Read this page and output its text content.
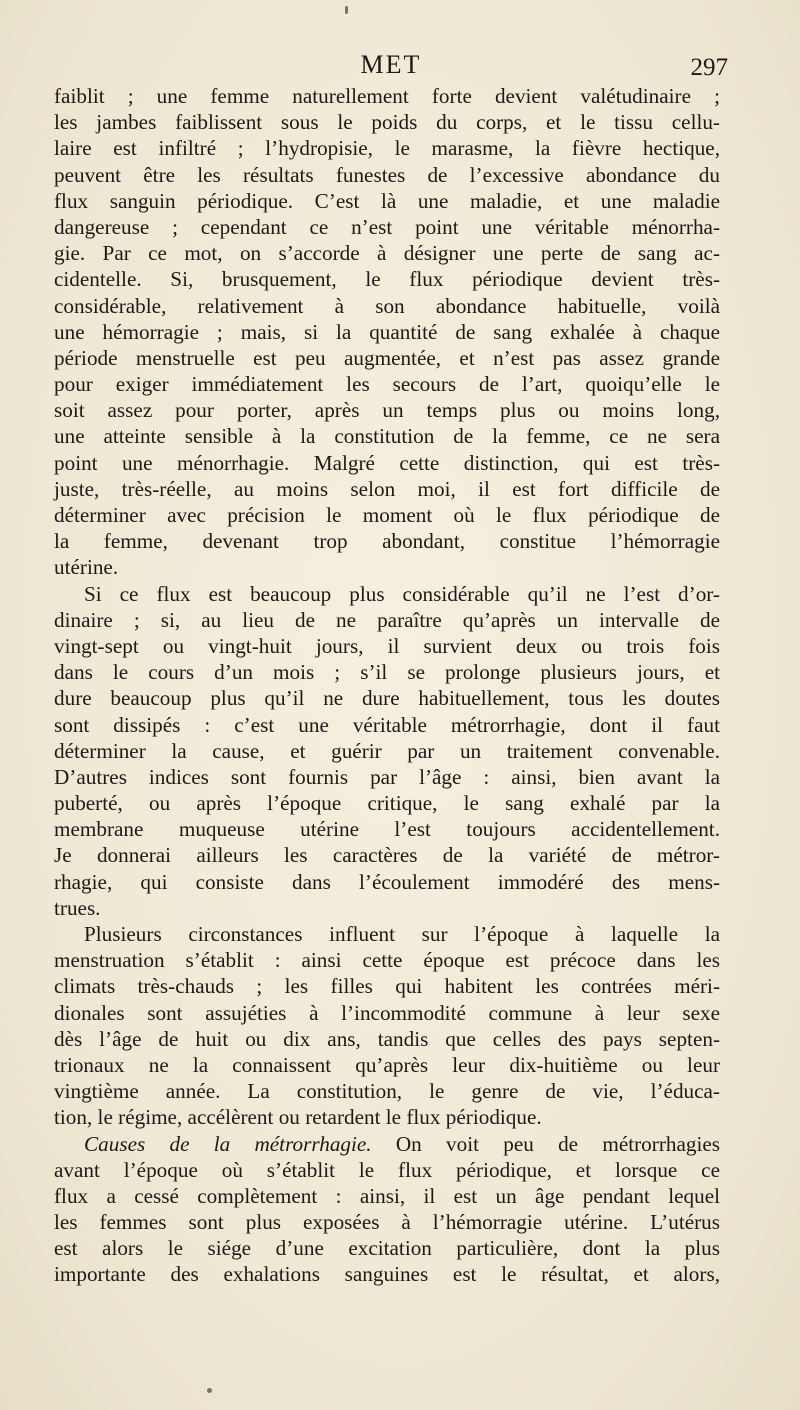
MET	297
faiblit ; une femme naturellement forte devient valétudinaire ;
les jambes faiblissent sous le poids du corps, et le tissu cellu-
laire est infiltré ; l’hydropisie, le marasme, la fièvre hectique,
peuvent être les résultats funestes de l’excessive abondance du
flux sanguin périodique. C’est là une maladie, et une maladie
dangereuse ; cependant ce n’est point une véritable ménorrha-
gie. Par ce mot, on s’accorde à désigner une perte de sang ac-
cidentelle. Si, brusquement, le flux périodique devient très-
considérable, relativement à son abondance habituelle, voilà
une hémorragie ; mais, si la quantité de sang exhalée à chaque
période menstruelle est peu augmentée, et n’est pas assez grande
pour exiger immédiatement les secours de l’art, quoiqu’elle le
soit assez pour porter, après un temps plus ou moins long,
une atteinte sensible à la constitution de la femme, ce ne sera
point une ménorrhagie. Malgré cette distinction, qui est très-
juste, très-réelle, au moins selon moi, il est fort difficile de
déterminer avec précision le moment où le flux périodique de
la femme, devenant trop abondant, constitue l’hémorragie
utérine.
Si ce flux est beaucoup plus considérable qu’il ne l’est d’or-
dinaire ; si, au lieu de ne paraître qu’après un intervalle de
vingt-sept ou vingt-huit jours, il survient deux ou trois fois
dans le cours d’un mois ; s’il se prolonge plusieurs jours, et
dure beaucoup plus qu’il ne dure habituellement, tous les doutes
sont dissipés : c’est une véritable métrorrhagie, dont il faut
déterminer la cause, et guérir par un traitement convenable.
D’autres indices sont fournis par l’âge : ainsi, bien avant la
puberté, ou après l’époque critique, le sang exhalé par la
membrane muqueuse utérine l’est toujours accidentellement.
Je donnerai ailleurs les caractères de la variété de métror-
rhagie, qui consiste dans l’écoulement immodéré des mens-
trues.
Plusieurs circonstances influent sur l’époque à laquelle la
menstruation s’établit : ainsi cette époque est précoce dans les
climats très-chauds ; les filles qui habitent les contrées méri-
dionales sont assujéties à l’incommodité commune à leur sexe
dès l’âge de huit ou dix ans, tandis que celles des pays septen-
trionaux ne la connaissent qu’après leur dix-huitième ou leur
vingtième année. La constitution, le genre de vie, l’éduca-
tion, le régime, accélèrent ou retardent le flux périodique.
Causes de la métrorrhagie. On voit peu de métrorrhagies
avant l’époque où s’établit le flux périodique, et lorsque ce
flux a cessé complètement : ainsi, il est un âge pendant lequel
les femmes sont plus exposées à l’hémorragie utérine. L’utérus
est alors le siége d’une excitation particulière, dont la plus
importante des exhalations sanguines est le résultat, et alors,
